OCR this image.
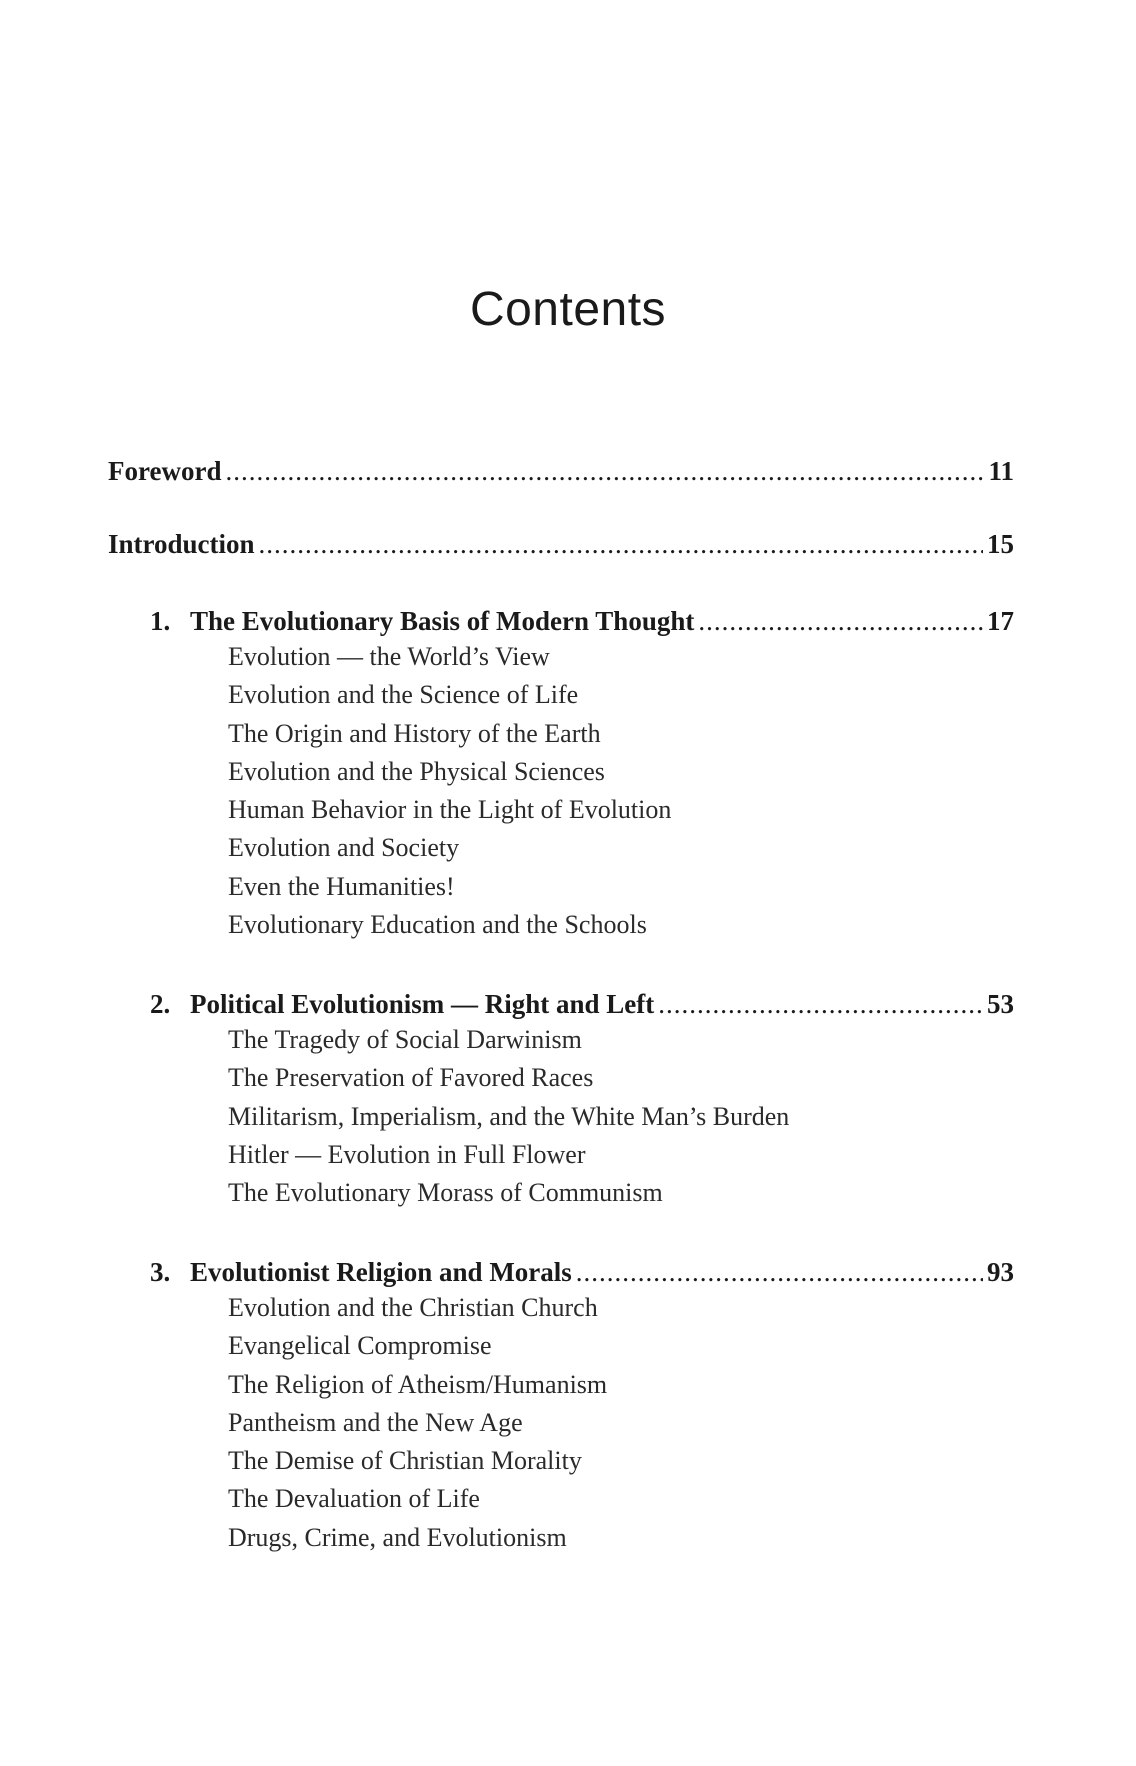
Contents
Foreword .....	11
Introduction .....	15
1. The Evolutionary Basis of Modern Thought .....	17
Evolution — the World’s View
Evolution and the Science of Life
The Origin and History of the Earth
Evolution and the Physical Sciences
Human Behavior in the Light of Evolution
Evolution and Society
Even the Humanities!
Evolutionary Education and the Schools
2. Political Evolutionism — Right and Left .....	53
The Tragedy of Social Darwinism
The Preservation of Favored Races
Militarism, Imperialism, and the White Man’s Burden
Hitler — Evolution in Full Flower
The Evolutionary Morass of Communism
3. Evolutionist Religion and Morals .....	93
Evolution and the Christian Church
Evangelical Compromise
The Religion of Atheism/Humanism
Pantheism and the New Age
The Demise of Christian Morality
The Devaluation of Life
Drugs, Crime, and Evolutionism
